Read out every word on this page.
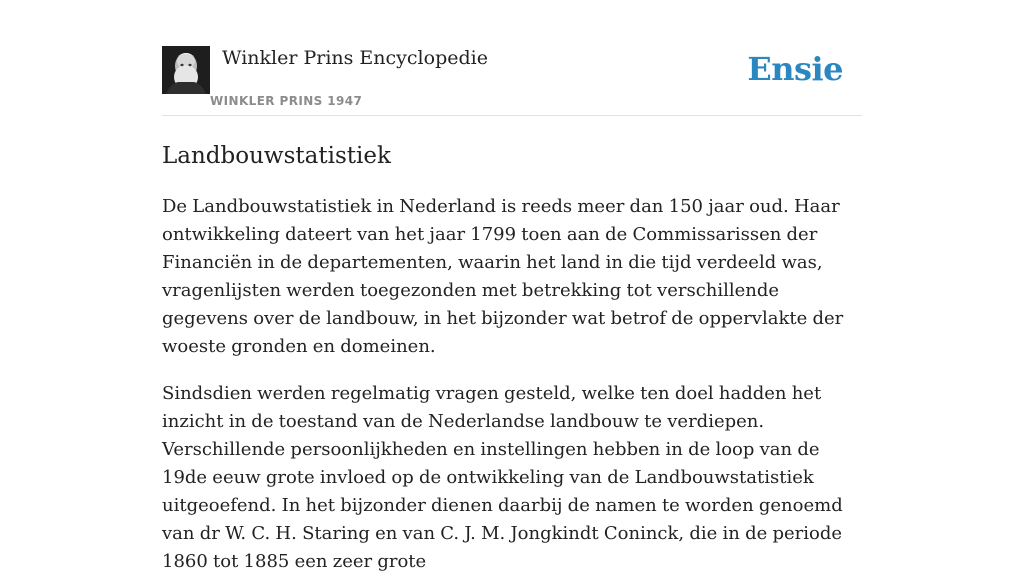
Winkler Prins Encyclopedie
WINKLER PRINS 1947
Ensie
Landbouwstatistiek

De Landbouwstatistiek in Nederland is reeds meer dan 150 jaar oud. Haar ontwikkeling dateert van het jaar 1799 toen aan de Commissarissen der Financiën in de departementen, waarin het land in die tijd verdeeld was, vragenlijsten werden toegezonden met betrekking tot verschillende gegevens over de landbouw, in het bijzonder wat betrof de oppervlakte der woeste gronden en domeinen.

Sindsdien werden regelmatig vragen gesteld, welke ten doel hadden het inzicht in de toestand van de Nederlandse landbouw te verdiepen. Verschillende persoonlijkheden en instellingen hebben in de loop van de 19de eeuw grote invloed op de ontwikkeling van de Landbouwstatistiek uitgeoefend. In het bijzonder dienen daarbij de namen te worden genoemd van dr W. C. H. Staring en van C. J. M. Jongkindt Coninck, die in de periode 1860 tot 1885 een zeer grote
